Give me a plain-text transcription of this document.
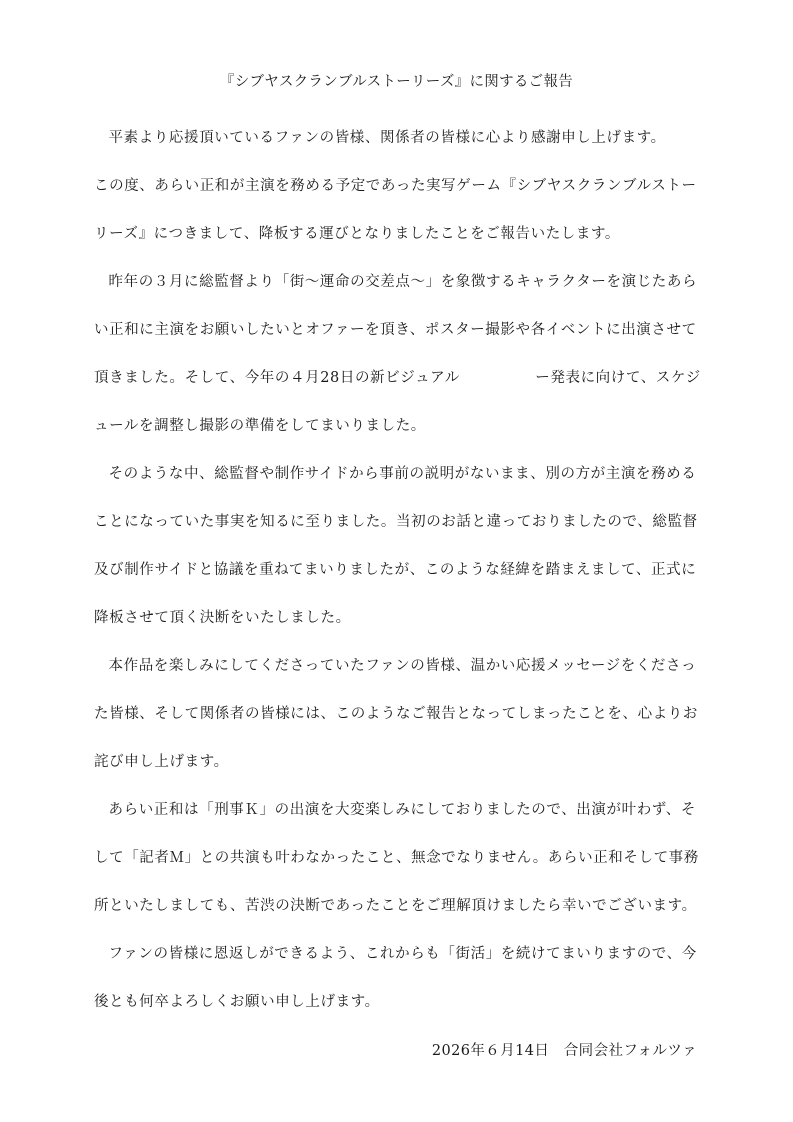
『シブヤスクランブルストーリーズ』に関するご報告

平素より応援頂いているファンの皆様、関係者の皆様に心より感謝申し上げます。

この度、あらい正和が主演を務める予定であった実写ゲーム『シブヤスクランブルストーリーズ』につきまして、降板する運びとなりましたことをご報告いたします。

昨年の３月に総監督より「街～運命の交差点～」を象徴するキャラクターを演じたあらい正和に主演をお願いしたいとオファーを頂き、ポスター撮影や各イベントに出演させて頂きました。そして、今年の４月28日の新ビジュアル　　　　　ー発表に向けて、スケジュールを調整し撮影の準備をしてまいりました。

そのような中、総監督や制作サイドから事前の説明がないまま、別の方が主演を務めることになっていた事実を知るに至りました。当初のお話と違っておりましたので、総監督及び制作サイドと協議を重ねてまいりましたが、このような経緯を踏まえまして、正式に降板させて頂く決断をいたしました。

本作品を楽しみにしてくださっていたファンの皆様、温かい応援メッセージをくださった皆様、そして関係者の皆様には、このようなご報告となってしまったことを、心よりお詫び申し上げます。

あらい正和は「刑事Ｋ」の出演を大変楽しみにしておりましたので、出演が叶わず、そして「記者Ｍ」との共演も叶わなかったこと、無念でなりません。あらい正和そして事務所といたしましても、苦渋の決断であったことをご理解頂けましたら幸いでございます。

ファンの皆様に恩返しができるよう、これからも「街活」を続けてまいりますので、今後とも何卒よろしくお願い申し上げます。

2026年６月14日 合同会社フォルツァ
